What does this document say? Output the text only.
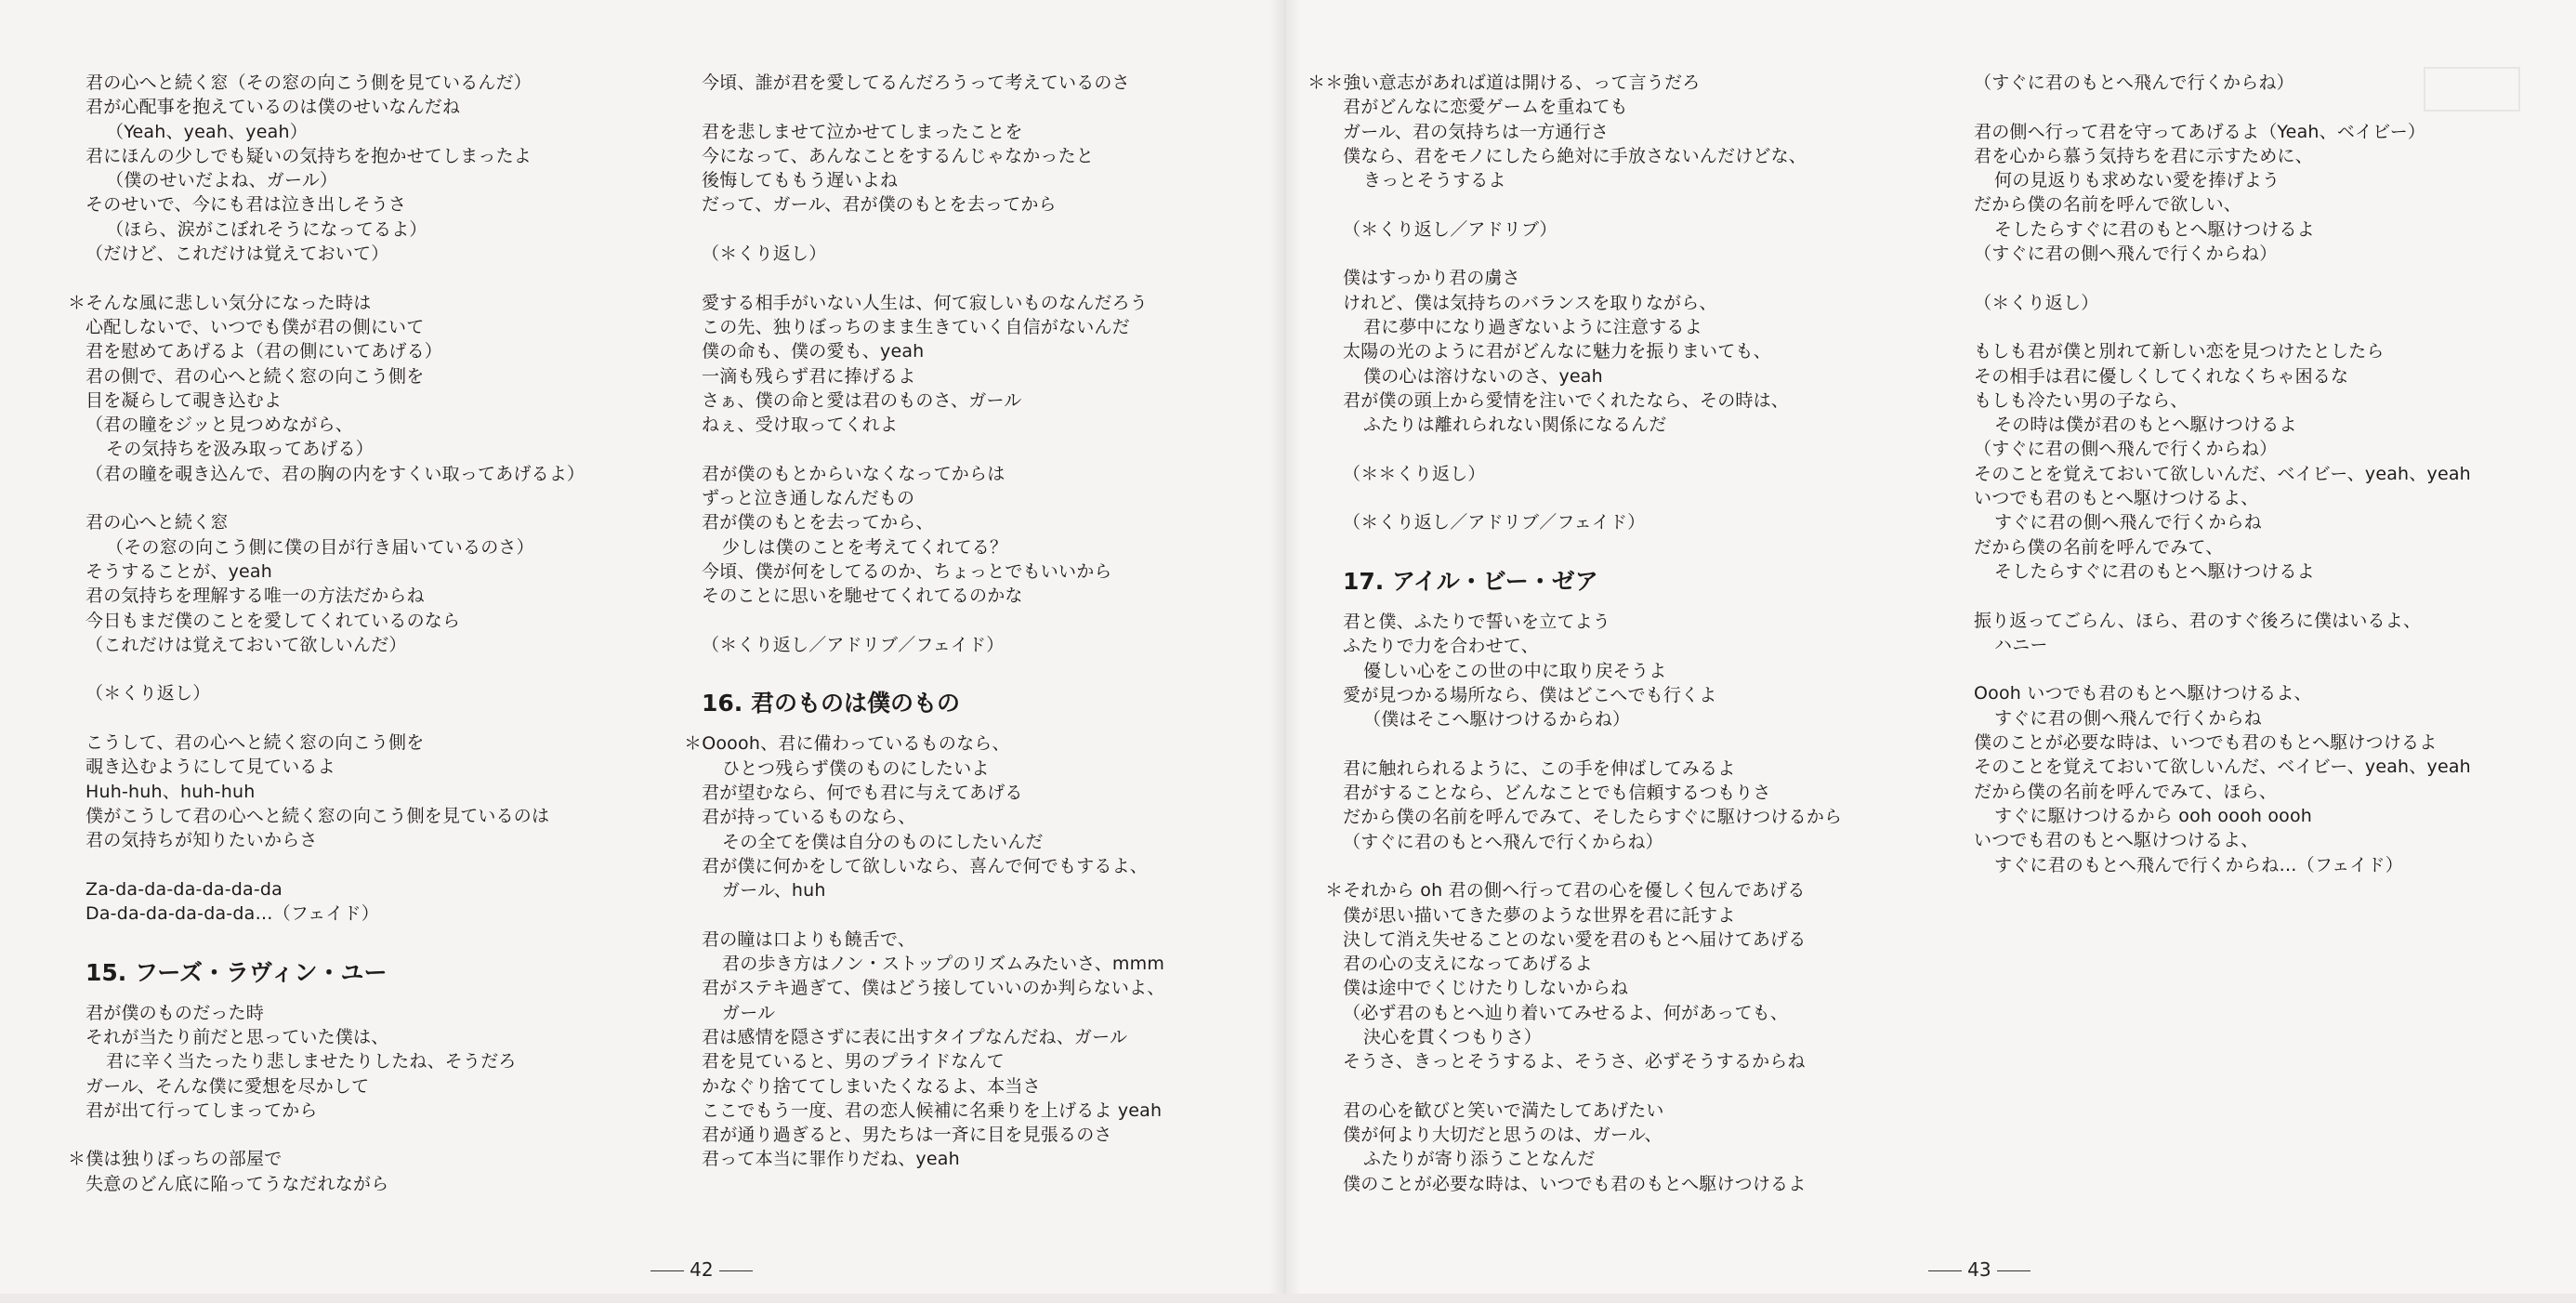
君の心へと続く窓（その窓の向こう側を見ているんだ）
君が心配事を抱えているのは僕のせいなんだね
（Yeah、yeah、yeah）
君にほんの少しでも疑いの気持ちを抱かせてしまったよ
（僕のせいだよね、ガール）
そのせいで、今にも君は泣き出しそうさ
（ほら、涙がこぼれそうになってるよ）
（だけど、これだけは覚えておいて）
＊そんな風に悲しい気分になった時は
心配しないで、いつでも僕が君の側にいて
君を慰めてあげるよ（君の側にいてあげる）
君の側で、君の心へと続く窓の向こう側を
目を凝らして覗き込むよ
（君の瞳をジッと見つめながら、
その気持ちを汲み取ってあげる）
（君の瞳を覗き込んで、君の胸の内をすくい取ってあげるよ）
君の心へと続く窓
（その窓の向こう側に僕の目が行き届いているのさ）
そうすることが、yeah
君の気持ちを理解する唯一の方法だからね
今日もまだ僕のことを愛してくれているのなら
（これだけは覚えておいて欲しいんだ）
（＊くり返し）
こうして、君の心へと続く窓の向こう側を
覗き込むようにして見ているよ
Huh-huh、huh-huh
僕がこうして君の心へと続く窓の向こう側を見ているのは
君の気持ちが知りたいからさ
Za-da-da-da-da-da-da
Da-da-da-da-da-da…（フェイド）
15. フーズ・ラヴィン・ユー
君が僕のものだった時
それが当たり前だと思っていた僕は、
君に辛く当たったり悲しませたりしたね、そうだろ
ガール、そんな僕に愛想を尽かして
君が出て行ってしまってから
＊僕は独りぼっちの部屋で
失意のどん底に陥ってうなだれながら
今頃、誰が君を愛してるんだろうって考えているのさ
君を悲しませて泣かせてしまったことを
今になって、あんなことをするんじゃなかったと
後悔してももう遅いよね
だって、ガール、君が僕のもとを去ってから
（＊くり返し）
愛する相手がいない人生は、何て寂しいものなんだろう
この先、独りぼっちのまま生きていく自信がないんだ
僕の命も、僕の愛も、yeah
一滴も残らず君に捧げるよ
さぁ、僕の命と愛は君のものさ、ガール
ねぇ、受け取ってくれよ
君が僕のもとからいなくなってからは
ずっと泣き通しなんだもの
君が僕のもとを去ってから、
少しは僕のことを考えてくれてる？
今頃、僕が何をしてるのか、ちょっとでもいいから
そのことに思いを馳せてくれてるのかな
（＊くり返し／アドリブ／フェイド）
16. 君のものは僕のもの
＊Ooooh、君に備わっているものなら、
ひとつ残らず僕のものにしたいよ
君が望むなら、何でも君に与えてあげる
君が持っているものなら、
その全てを僕は自分のものにしたいんだ
君が僕に何かをして欲しいなら、喜んで何でもするよ、
ガール、huh
君の瞳は口よりも饒舌で、
君の歩き方はノン・ストップのリズムみたいさ、mmm
君がステキ過ぎて、僕はどう接していいのか判らないよ、
ガール
君は感情を隠さずに表に出すタイプなんだね、ガール
君を見ていると、男のプライドなんて
かなぐり捨ててしまいたくなるよ、本当さ
ここでもう一度、君の恋人候補に名乗りを上げるよ yeah
君が通り過ぎると、男たちは一斉に目を見張るのさ
君って本当に罪作りだね、yeah

42

＊＊強い意志があれば道は開ける、って言うだろ
君がどんなに恋愛ゲームを重ねても
ガール、君の気持ちは一方通行さ
僕なら、君をモノにしたら絶対に手放さないんだけどな、
きっとそうするよ
（＊くり返し／アドリブ）
僕はすっかり君の虜さ
けれど、僕は気持ちのバランスを取りながら、
君に夢中になり過ぎないように注意するよ
太陽の光のように君がどんなに魅力を振りまいても、
僕の心は溶けないのさ、yeah
君が僕の頭上から愛情を注いでくれたなら、その時は、
ふたりは離れられない関係になるんだ
（＊＊くり返し）
（＊くり返し／アドリブ／フェイド）
17. アイル・ビー・ゼア
君と僕、ふたりで誓いを立てよう
ふたりで力を合わせて、
優しい心をこの世の中に取り戻そうよ
愛が見つかる場所なら、僕はどこへでも行くよ
（僕はそこへ駆けつけるからね）
君に触れられるように、この手を伸ばしてみるよ
君がすることなら、どんなことでも信頼するつもりさ
だから僕の名前を呼んでみて、そしたらすぐに駆けつけるから
（すぐに君のもとへ飛んで行くからね）
＊それから oh 君の側へ行って君の心を優しく包んであげる
僕が思い描いてきた夢のような世界を君に託すよ
決して消え失せることのない愛を君のもとへ届けてあげる
君の心の支えになってあげるよ
僕は途中でくじけたりしないからね
（必ず君のもとへ辿り着いてみせるよ、何があっても、
決心を貫くつもりさ）
そうさ、きっとそうするよ、そうさ、必ずそうするからね
君の心を歓びと笑いで満たしてあげたい
僕が何より大切だと思うのは、ガール、
ふたりが寄り添うことなんだ
僕のことが必要な時は、いつでも君のもとへ駆けつけるよ
（すぐに君のもとへ飛んで行くからね）
君の側へ行って君を守ってあげるよ（Yeah、ベイビー）
君を心から慕う気持ちを君に示すために、
何の見返りも求めない愛を捧げよう
だから僕の名前を呼んで欲しい、
そしたらすぐに君のもとへ駆けつけるよ
（すぐに君の側へ飛んで行くからね）
（＊くり返し）
もしも君が僕と別れて新しい恋を見つけたとしたら
その相手は君に優しくしてくれなくちゃ困るな
もしも冷たい男の子なら、
その時は僕が君のもとへ駆けつけるよ
（すぐに君の側へ飛んで行くからね）
そのことを覚えておいて欲しいんだ、ベイビー、yeah、yeah
いつでも君のもとへ駆けつけるよ、
すぐに君の側へ飛んで行くからね
だから僕の名前を呼んでみて、
そしたらすぐに君のもとへ駆けつけるよ
振り返ってごらん、ほら、君のすぐ後ろに僕はいるよ、
ハニー
Oooh いつでも君のもとへ駆けつけるよ、
すぐに君の側へ飛んで行くからね
僕のことが必要な時は、いつでも君のもとへ駆けつけるよ
そのことを覚えておいて欲しいんだ、ベイビー、yeah、yeah
だから僕の名前を呼んでみて、ほら、
すぐに駆けつけるから ooh oooh oooh
いつでも君のもとへ駆けつけるよ、
すぐに君のもとへ飛んで行くからね…（フェイド）

43
